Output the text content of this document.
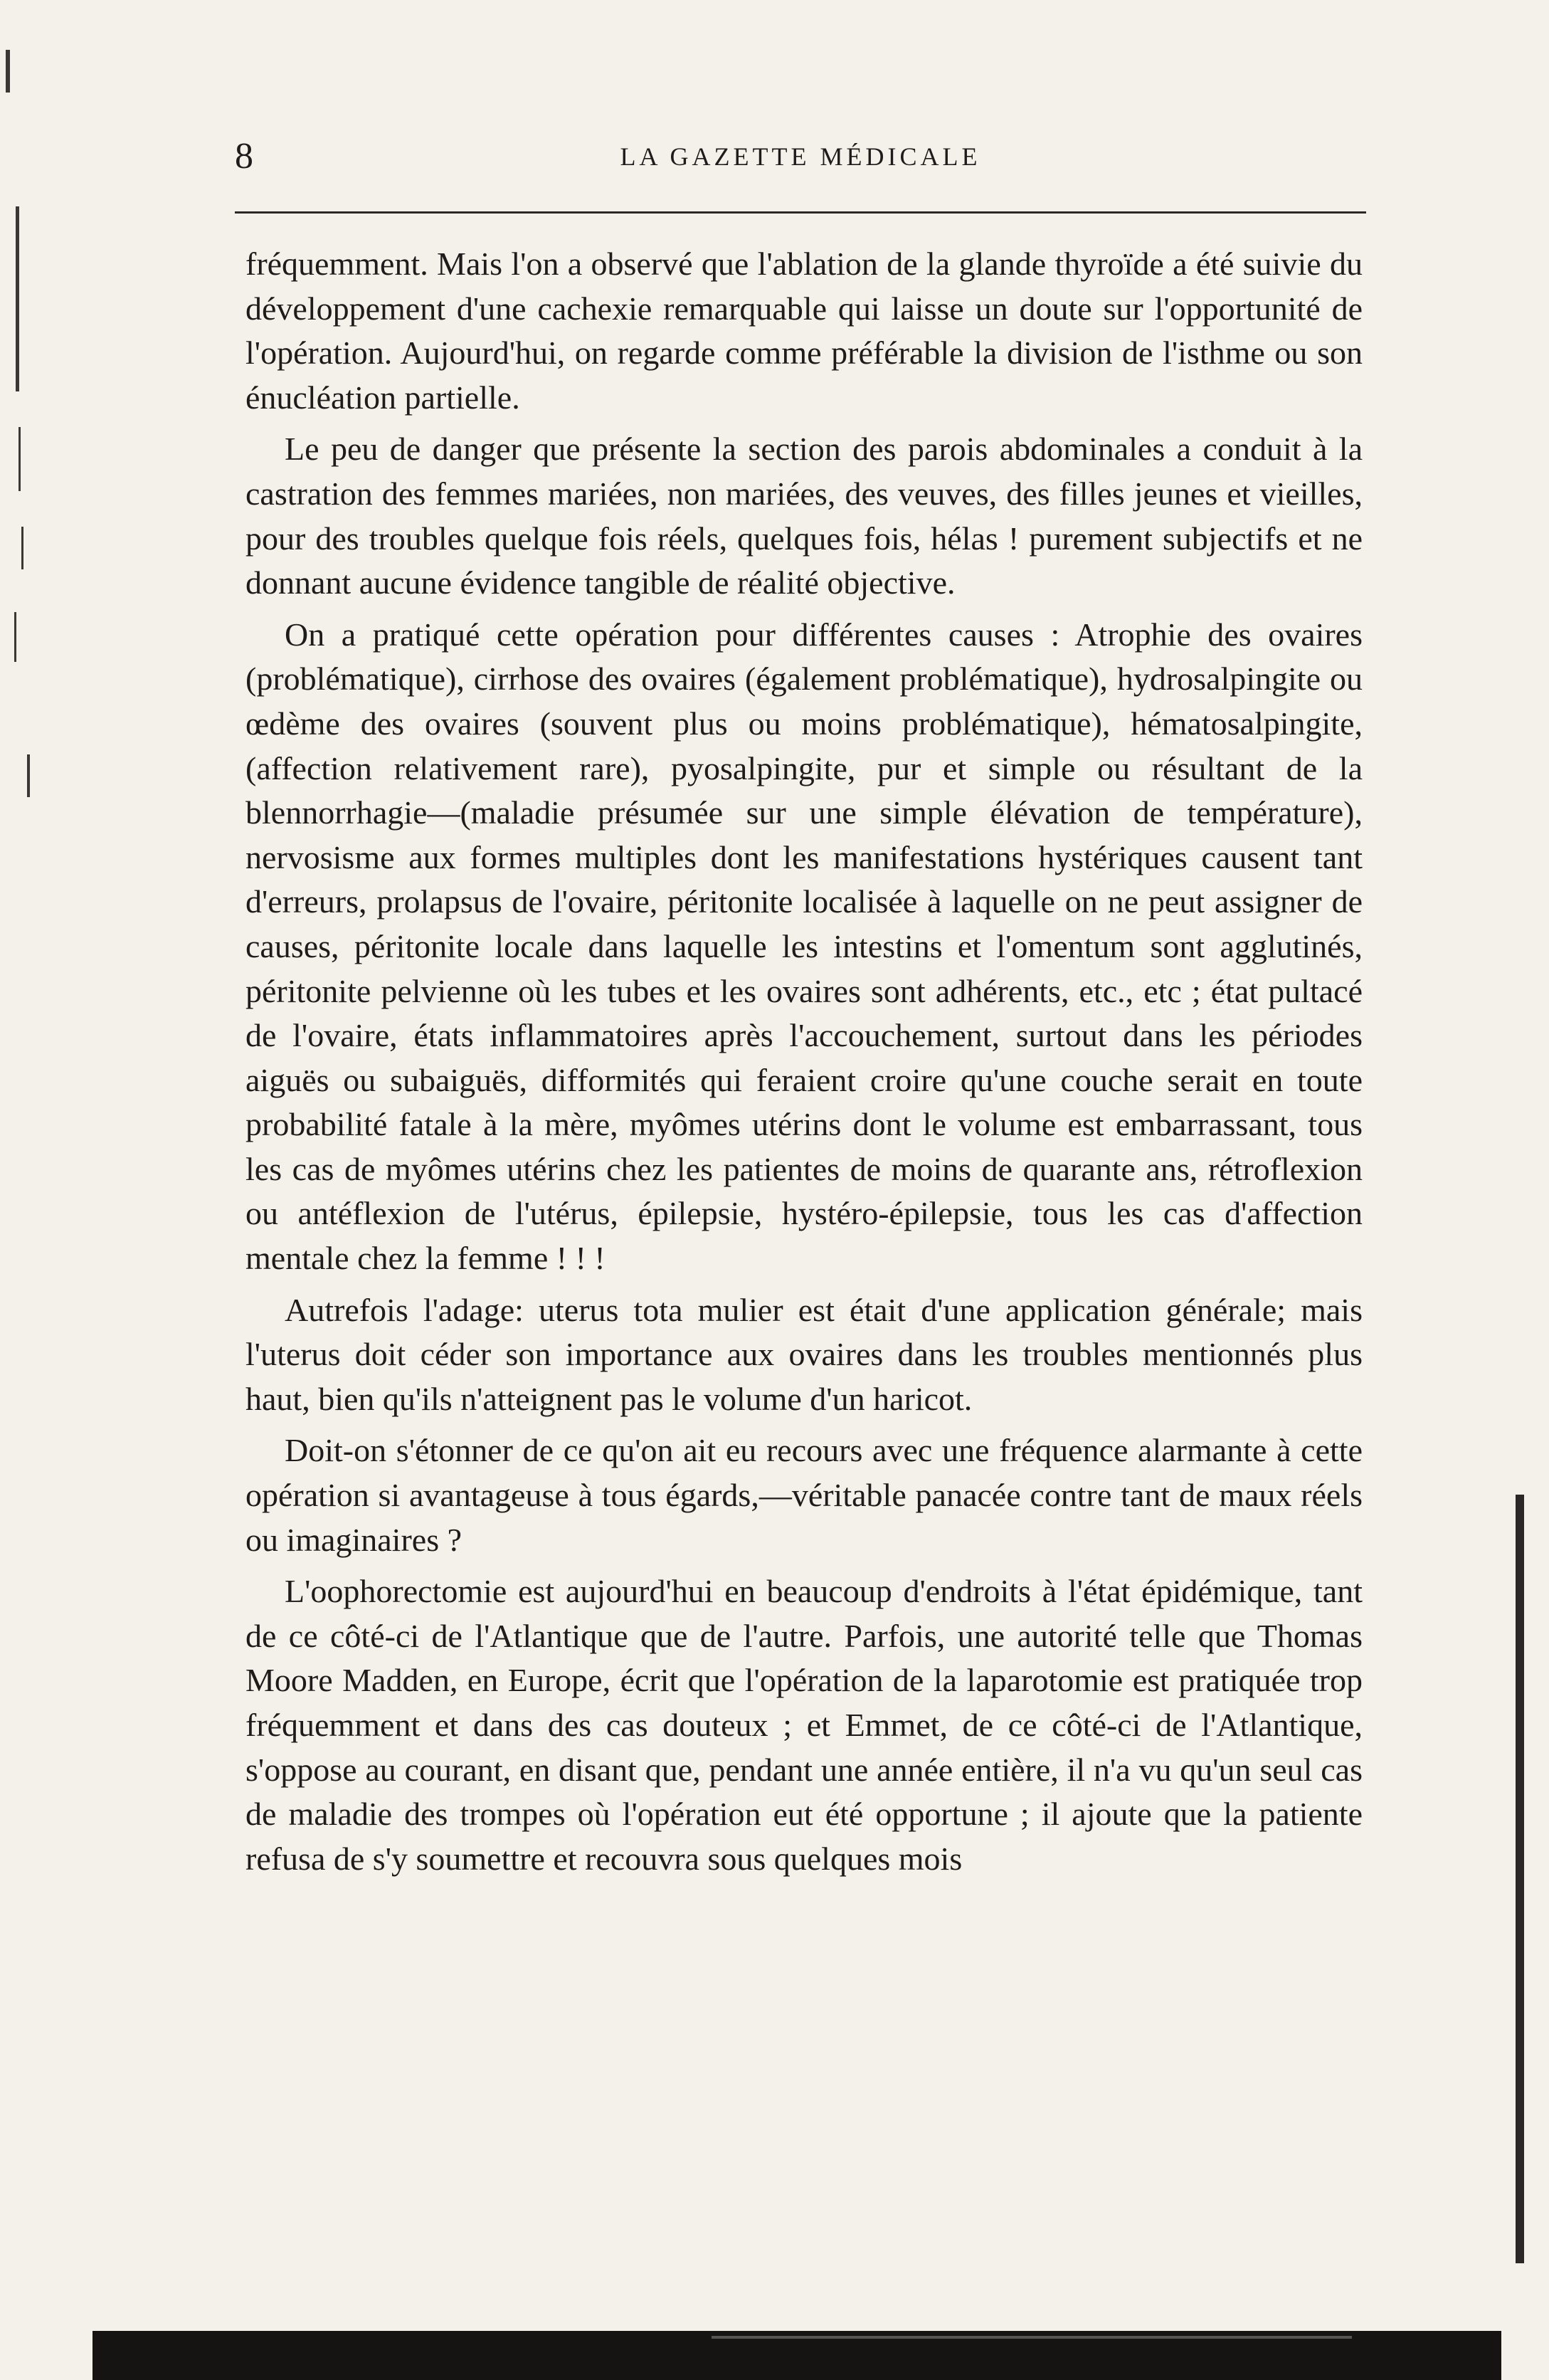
8	LA GAZETTE MÉDICALE

fréquemment. Mais l'on a observé que l'ablation de la glande thyroïde a été suivie du développement d'une cachexie remarquable qui laisse un doute sur l'opportunité de l'opération. Aujourd'hui, on regarde comme préférable la division de l'isthme ou son énucléation partielle.

Le peu de danger que présente la section des parois abdominales a conduit à la castration des femmes mariées, non mariées, des veuves, des filles jeunes et vieilles, pour des troubles quelque fois réels, quelques fois, hélas ! purement subjectifs et ne donnant aucune évidence tangible de réalité objective.

On a pratiqué cette opération pour différentes causes : Atrophie des ovaires (problématique), cirrhose des ovaires (également problématique), hydrosalpingite ou œdème des ovaires (souvent plus ou moins problématique), hématosalpingite, (affection relativement rare), pyosalpingite, pur et simple ou résultant de la blennorrhagie—(maladie présumée sur une simple élévation de température), nervosisme aux formes multiples dont les manifestations hystériques causent tant d'erreurs, prolapsus de l'ovaire, péritonite localisée à laquelle on ne peut assigner de causes, péritonite locale dans laquelle les intestins et l'omentum sont agglutinés, péritonite pelvienne où les tubes et les ovaires sont adhérents, etc., etc ; état pultacé de l'ovaire, états inflammatoires après l'accouchement, surtout dans les périodes aiguës ou subaiguës, difformités qui feraient croire qu'une couche serait en toute probabilité fatale à la mère, myômes utérins dont le volume est embarrassant, tous les cas de myômes utérins chez les patientes de moins de quarante ans, rétroflexion ou antéflexion de l'utérus, épilepsie, hystéro-épilepsie, tous les cas d'affection mentale chez la femme ! ! !

Autrefois l'adage: uterus tota mulier est était d'une application générale; mais l'uterus doit céder son importance aux ovaires dans les troubles mentionnés plus haut, bien qu'ils n'atteignent pas le volume d'un haricot.

Doit-on s'étonner de ce qu'on ait eu recours avec une fréquence alarmante à cette opération si avantageuse à tous égards,—véritable panacée contre tant de maux réels ou imaginaires ?

L'oophorectomie est aujourd'hui en beaucoup d'endroits à l'état épidémique, tant de ce côté-ci de l'Atlantique que de l'autre. Parfois, une autorité telle que Thomas Moore Madden, en Europe, écrit que l'opération de la laparotomie est pratiquée trop fréquemment et dans des cas douteux ; et Emmet, de ce côté-ci de l'Atlantique, s'oppose au courant, en disant que, pendant une année entière, il n'a vu qu'un seul cas de maladie des trompes où l'opération eut été opportune ; il ajoute que la patiente refusa de s'y soumettre et recouvra sous quelques mois
